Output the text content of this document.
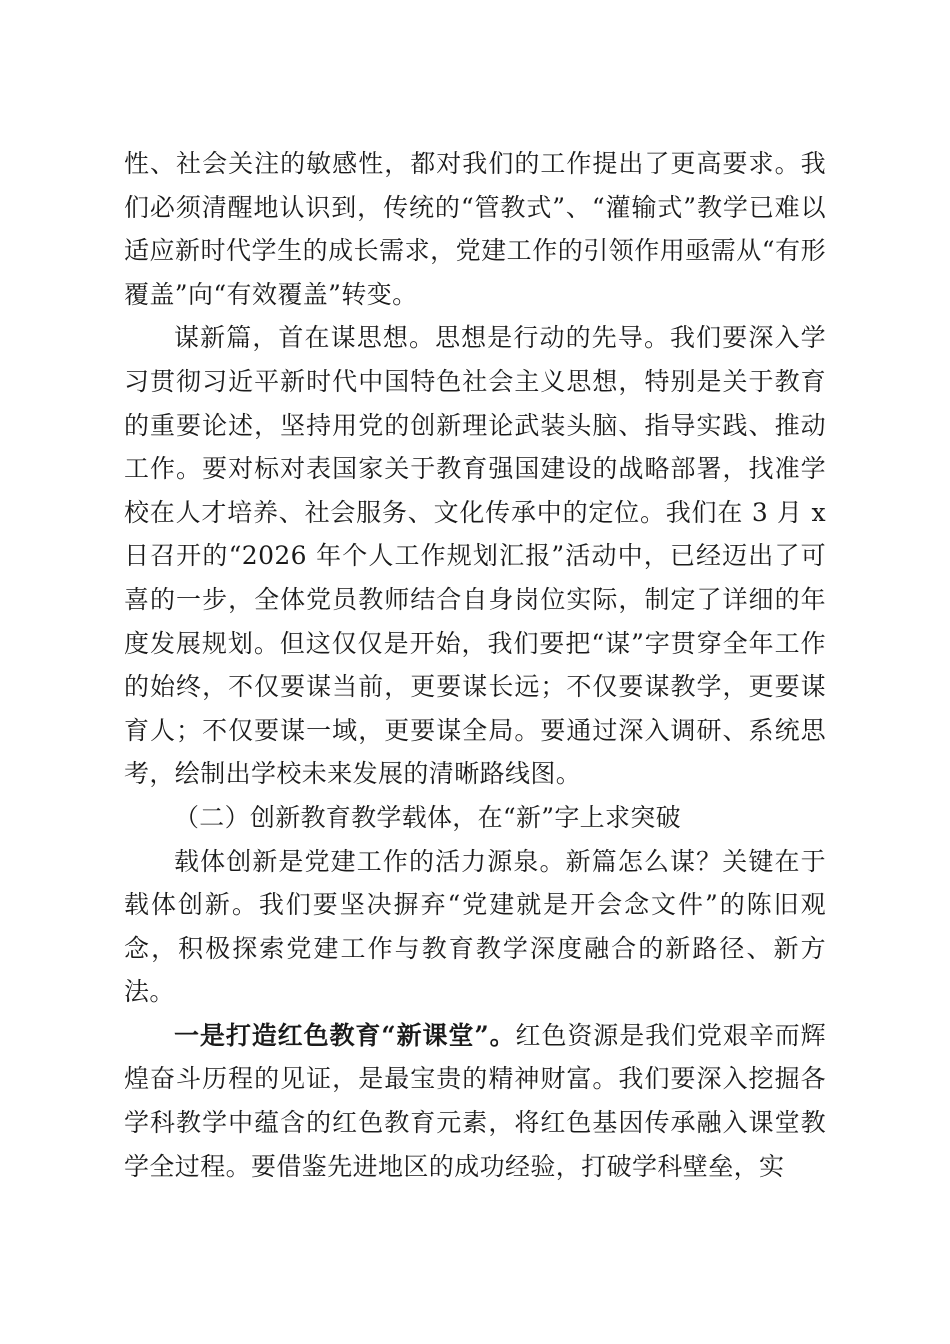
性、社会关注的敏感性，都对我们的工作提出了更高要求。我们必须清醒地认识到，传统的“管教式”、“灌输式”教学已难以适应新时代学生的成长需求，党建工作的引领作用亟需从“有形覆盖”向“有效覆盖”转变。

谋新篇，首在谋思想。思想是行动的先导。我们要深入学习贯彻习近平新时代中国特色社会主义思想，特别是关于教育的重要论述，坚持用党的创新理论武装头脑、指导实践、推动工作。要对标对表国家关于教育强国建设的战略部署，找准学校在人才培养、社会服务、文化传承中的定位。我们在 3 月 x 日召开的“2026 年个人工作规划汇报”活动中，已经迈出了可喜的一步，全体党员教师结合自身岗位实际，制定了详细的年度发展规划。但这仅仅是开始，我们要把“谋”字贯穿全年工作的始终，不仅要谋当前，更要谋长远；不仅要谋教学，更要谋育人；不仅要谋一域，更要谋全局。要通过深入调研、系统思考，绘制出学校未来发展的清晰路线图。

（二）创新教育教学载体，在“新”字上求突破

载体创新是党建工作的活力源泉。新篇怎么谋？关键在于载体创新。我们要坚决摒弃“党建就是开会念文件”的陈旧观念，积极探索党建工作与教育教学深度融合的新路径、新方法。

一是打造红色教育“新课堂”。红色资源是我们党艰辛而辉煌奋斗历程的见证，是最宝贵的精神财富。我们要深入挖掘各学科教学中蕴含的红色教育元素，将红色基因传承融入课堂教学全过程。要借鉴先进地区的成功经验，打破学科壁垒，实
